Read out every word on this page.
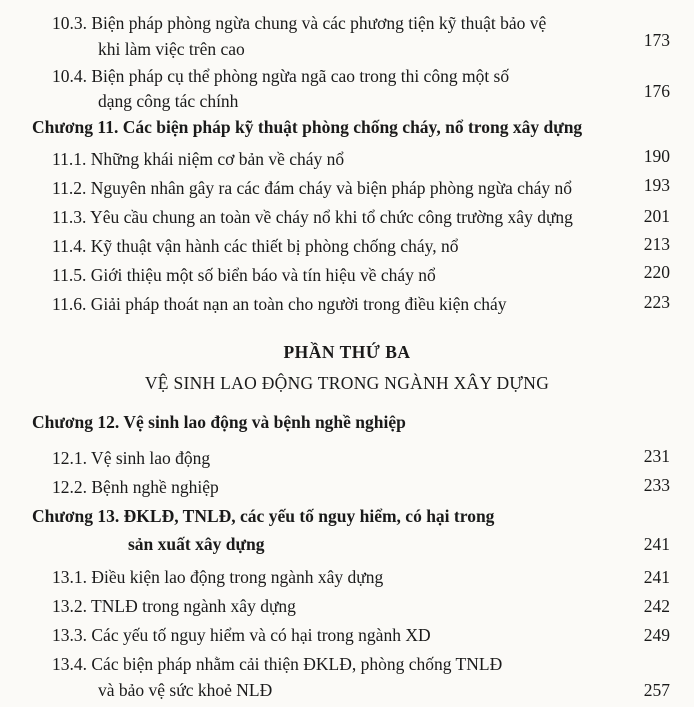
10.3. Biện pháp phòng ngừa chung và các phương tiện kỹ thuật bảo vệ
khi làm việc trên cao	173
10.4. Biện pháp cụ thể phòng ngừa ngã cao trong thi công một số
dạng công tác chính	176
Chương 11. Các biện pháp kỹ thuật phòng chống cháy, nổ trong xây dựng
11.1. Những khái niệm cơ bản về cháy nổ	190
11.2. Nguyên nhân gây ra các đám cháy và biện pháp phòng ngừa cháy nổ	193
11.3. Yêu cầu chung an toàn về cháy nổ khi tổ chức công trường xây dựng	201
11.4. Kỹ thuật vận hành các thiết bị phòng chống cháy, nổ	213
11.5. Giới thiệu một số biển báo và tín hiệu về cháy nổ	220
11.6. Giải pháp thoát nạn an toàn cho người trong điều kiện cháy	223
PHẦN THỨ BA
VỆ SINH LAO ĐỘNG TRONG NGÀNH XÂY DỰNG
Chương 12. Vệ sinh lao động và bệnh nghề nghiệp
12.1. Vệ sinh lao động	231
12.2. Bệnh nghề nghiệp	233
Chương 13. ĐKLĐ, TNLĐ, các yếu tố nguy hiểm, có hại trong
sản xuất xây dựng	241
13.1. Điều kiện lao động trong ngành xây dựng	241
13.2. TNLĐ trong ngành xây dựng	242
13.3. Các yếu tố nguy hiểm và có hại trong ngành XD	249
13.4. Các biện pháp nhằm cải thiện ĐKLĐ, phòng chống TNLĐ
và bảo vệ sức khoẻ NLĐ	257
